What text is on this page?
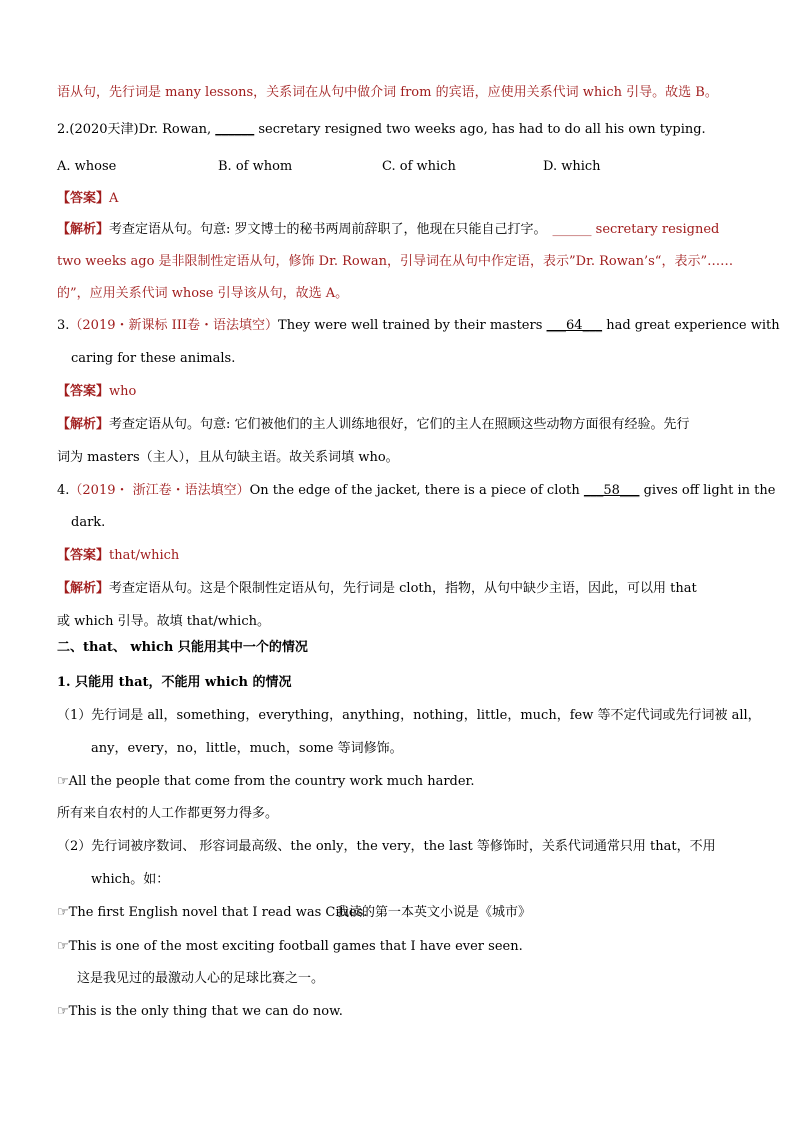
语从句，先行词是 many lessons，关系词在从句中做介词 from 的宾语，应使用关系代词 which 引导。故选 B。
2.(2020天津)Dr. Rowan, ______ secretary resigned two weeks ago, has had to do all his own typing.
A. whose	B. of whom	C. of which	D. which
【答案】A
【解析】考查定语从句。句意: 罗文博士的秘书两周前辞职了，他现在只能自己打字。 ______ secretary resigned
two weeks ago 是非限制性定语从句，修饰 Dr. Rowan，引导词在从句中作定语，表示”Dr. Rowan’s“，表示”……
的”，应用关系代词 whose 引导该从句，故选 A。
3.（2019・新课标 III卷・语法填空）They were well trained by their masters ___64___ had great experience with
caring for these animals.
【答案】who
【解析】考查定语从句。句意: 它们被他们的主人训练地很好，它们的主人在照顾这些动物方面很有经验。先行
词为 masters（主人），且从句缺主语。故关系词填 who。
4.（2019・ 浙江卷・语法填空）On the edge of the jacket, there is a piece of cloth ___58___ gives off light in the
dark.
【答案】that/which
【解析】考查定语从句。这是个限制性定语从句，先行词是 cloth，指物，从句中缺少主语，因此，可以用 that
或 which 引导。故填 that/which。
二、that、 which 只能用其中一个的情况
1. 只能用 that，不能用 which 的情况
（1）先行词是 all，something，everything，anything，nothing，little，much，few 等不定代词或先行词被 all，
any，every，no，little，much，some 等词修饰。
☞All the people that come from the country work much harder.
所有来自农村的人工作都更努力得多。
（2）先行词被序数词、 形容词最高级、the only，the very，the last 等修饰时，关系代词通常只用 that，不用
which。如：
☞The first English novel that I read was Cities.
我读的第一本英文小说是《城市》
☞This is one of the most exciting football games that I have ever seen.
这是我见过的最激动人心的足球比赛之一。
☞This is the only thing that we can do now.
